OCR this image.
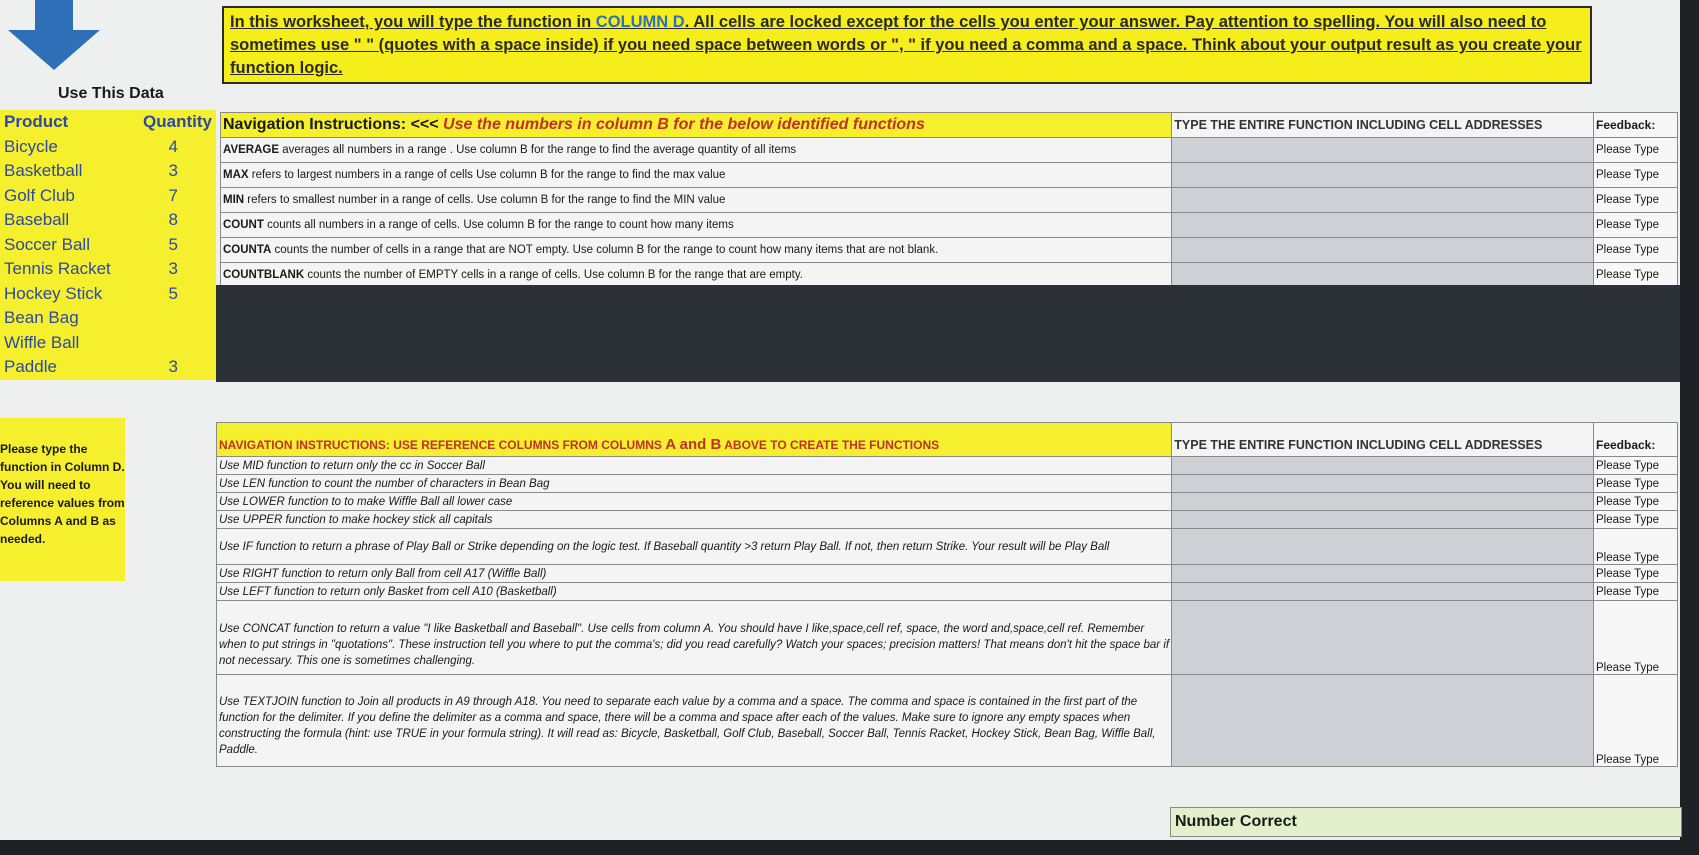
In this worksheet, you will type the function in COLUMN D. All cells are locked except for the cells you enter your answer. Pay attention to spelling. You will also need to sometimes use " " (quotes with a space inside) if you need space between words or ", " if you need a comma and a space. Think about your output result as you create your function logic.
Use This Data
Product	Quantity
Bicycle	4
Basketball	3
Golf Club	7
Baseball	8
Soccer Ball	5
Tennis Racket	3
Hockey Stick	5
Bean Bag
Wiffle Ball
Paddle	3
Navigation Instructions: <<< Use the numbers in column B for the below identified functions	TYPE THE ENTIRE FUNCTION INCLUDING CELL ADDRESSES	Feedback:
AVERAGE averages all numbers in a range . Use column B for the range to find the average quantity of all items		Please Type
MAX refers to largest numbers in a range of cells Use column B for the range to find the max value		Please Type
MIN refers to smallest number in a range of cells. Use column B for the range to find the MIN value		Please Type
COUNT counts all numbers in a range of cells. Use column B for the range to count how many items		Please Type
COUNTA counts the number of cells in a range that are NOT empty. Use column B for the range to count how many items that are not blank.		Please Type
COUNTBLANK counts the number of EMPTY cells in a range of cells. Use column B for the range that are empty.		Please Type
Please type the function in Column D. You will need to reference values from Columns A and B as needed.
NAVIGATION INSTRUCTIONS: USE REFERENCE COLUMNS FROM COLUMNS A and B ABOVE TO CREATE THE FUNCTIONS	TYPE THE ENTIRE FUNCTION INCLUDING CELL ADDRESSES	Feedback:
Use MID function to return only the cc in Soccer Ball		Please Type
Use LEN function to count the number of characters in Bean Bag		Please Type
Use LOWER function to to make Wiffle Ball all lower case		Please Type
Use UPPER function to make hockey stick all capitals		Please Type
Use IF function to return a phrase of Play Ball or Strike depending on the logic test. If Baseball quantity >3 return Play Ball. If not, then return Strike. Your result will be Play Ball		Please Type
Use RIGHT function to return only Ball from cell A17 (Wiffle Ball)		Please Type
Use LEFT function to return only Basket from cell A10 (Basketball)		Please Type
Use CONCAT function to return a value "I like Basketball and Baseball". Use cells from column A. You should have I like,space,cell ref, space, the word and,space,cell ref. Remember when to put strings in "quotations". These instruction tell you where to put the comma's; did you read carefully? Watch your spaces; precision matters! That means don't hit the space bar if not necessary. This one is sometimes challenging.		Please Type
Use TEXTJOIN function to Join all products in A9 through A18. You need to separate each value by a comma and a space. The comma and space is contained in the first part of the function for the delimiter. If you define the delimiter as a comma and space, there will be a comma and space after each of the values. Make sure to ignore any empty spaces when constructing the formula (hint: use TRUE in your formula string). It will read as: Bicycle, Basketball, Golf Club, Baseball, Soccer Ball, Tennis Racket, Hockey Stick, Bean Bag, Wiffle Ball, Paddle.		Please Type
Number Correct
